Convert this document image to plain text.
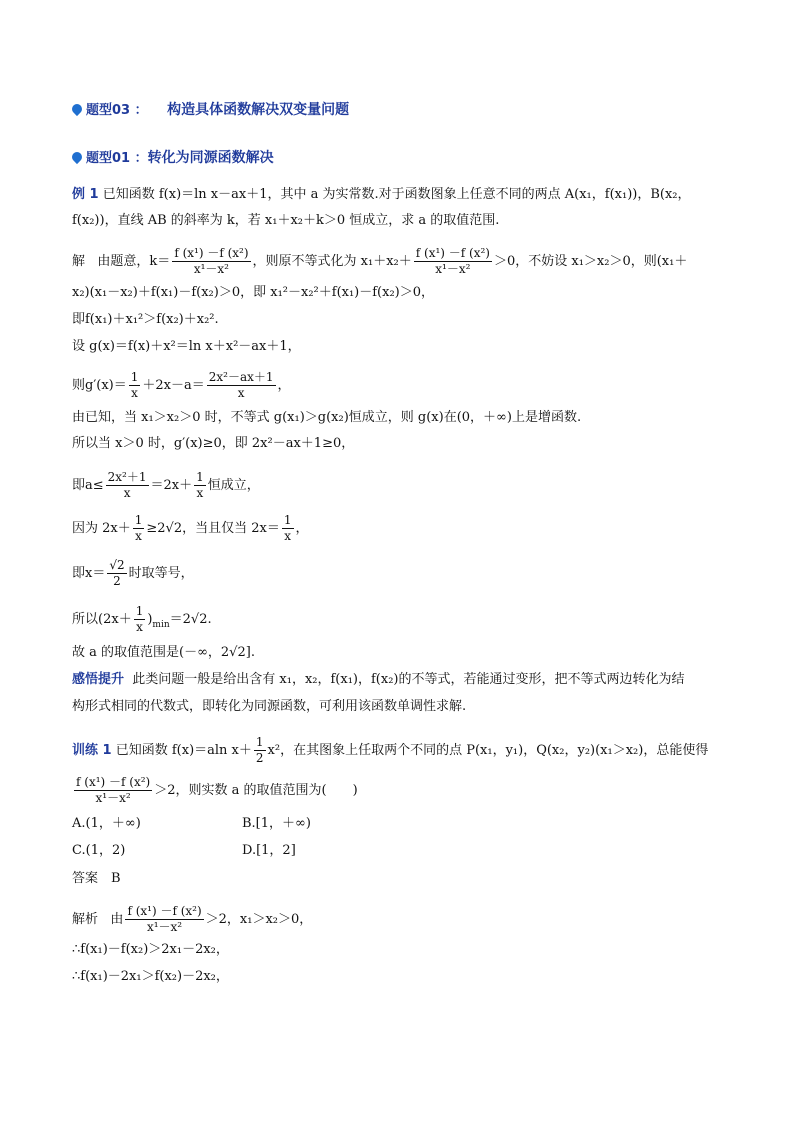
题型03 ： 构造具体函数解决双变量问题
题型01 ：转化为同源函数解决
例 1 已知函数 f(x)＝ln x－ax＋1，其中 a 为实常数.对于函数图象上任意不同的两点 A(x₁，f(x₁))，B(x₂，
f(x₂))，直线 AB 的斜率为 k，若 x₁＋x₂＋k＞0 恒成立，求 a 的取值范围.
解 由题意，$k= \frac{\text{f (x¹) －f (x²)}}{\text{x¹－x²}}$ ，则原不等式化为 $x_1+x_2+ \frac{\text{f (x¹) －f (x²)}}{\text{x¹－x²}} >0$，不妨设 x₁＞x₂＞0，则(x₁＋
x₂)(x₁－x₂)＋f(x₁)－f(x₂)＞0，即 x₁²－x₂²＋f(x₁)－f(x₂)＞0，
即f(x₁)＋x₁²＞f(x₂)＋x₂².
设 g(x)＝f(x)＋x²＝ln x＋x²－ax＋1，
则$g'(x)= \frac{1}{x} +2x-a= \frac{\text{2x²－ax＋1}}{x}$ ，
由已知，当 x₁＞x₂＞0 时，不等式 g(x₁)＞g(x₂)恒成立，则 g(x)在(0，＋∞)上是增函数.
所以当 x＞0 时，g′(x)≥0，即 2x²－ax＋1≥0，
即$a\le \frac{\text{2x²＋1}}{x} =2x+ \frac{1}{x}$ 恒成立，
因为 $2x+ \frac{1}{x} \ge 2√2$，当且仅当 $2x= \frac{1}{x}$ ，
即$x= \frac{√2}{2}$ 时取等号，
所以$(2x+ \frac{1}{x} )_{min}=2√2$.
故 a 的取值范围是(－∞，2√2].
感悟提升 此类问题一般是给出含有 x₁，x₂，f(x₁)，f(x₂)的不等式，若能通过变形，把不等式两边转化为结
构形式相同的代数式，即转化为同源函数，可利用该函数单调性求解.
训练 1 已知函数 f(x)＝aln $x+ \frac{1}{2} x^2$，在其图象上任取两个不同的点 P(x₁，y₁)，Q(x₂，y₂)(x₁＞x₂)，总能使得
$\frac{\text{f (x¹) －f (x²)}}{\text{x¹－x²}} >2$，则实数 a 的取值范围为(　　)
A.(1，＋∞)	B.[1，＋∞)
C.(1，2)	D.[1，2]
答案　B
解析 由 $\frac{\text{f (x¹) －f (x²)}}{\text{x¹－x²}} >2$，x₁＞x₂＞0，
∴f(x₁)－f(x₂)＞2x₁－2x₂，
∴f(x₁)－2x₁＞f(x₂)－2x₂，
